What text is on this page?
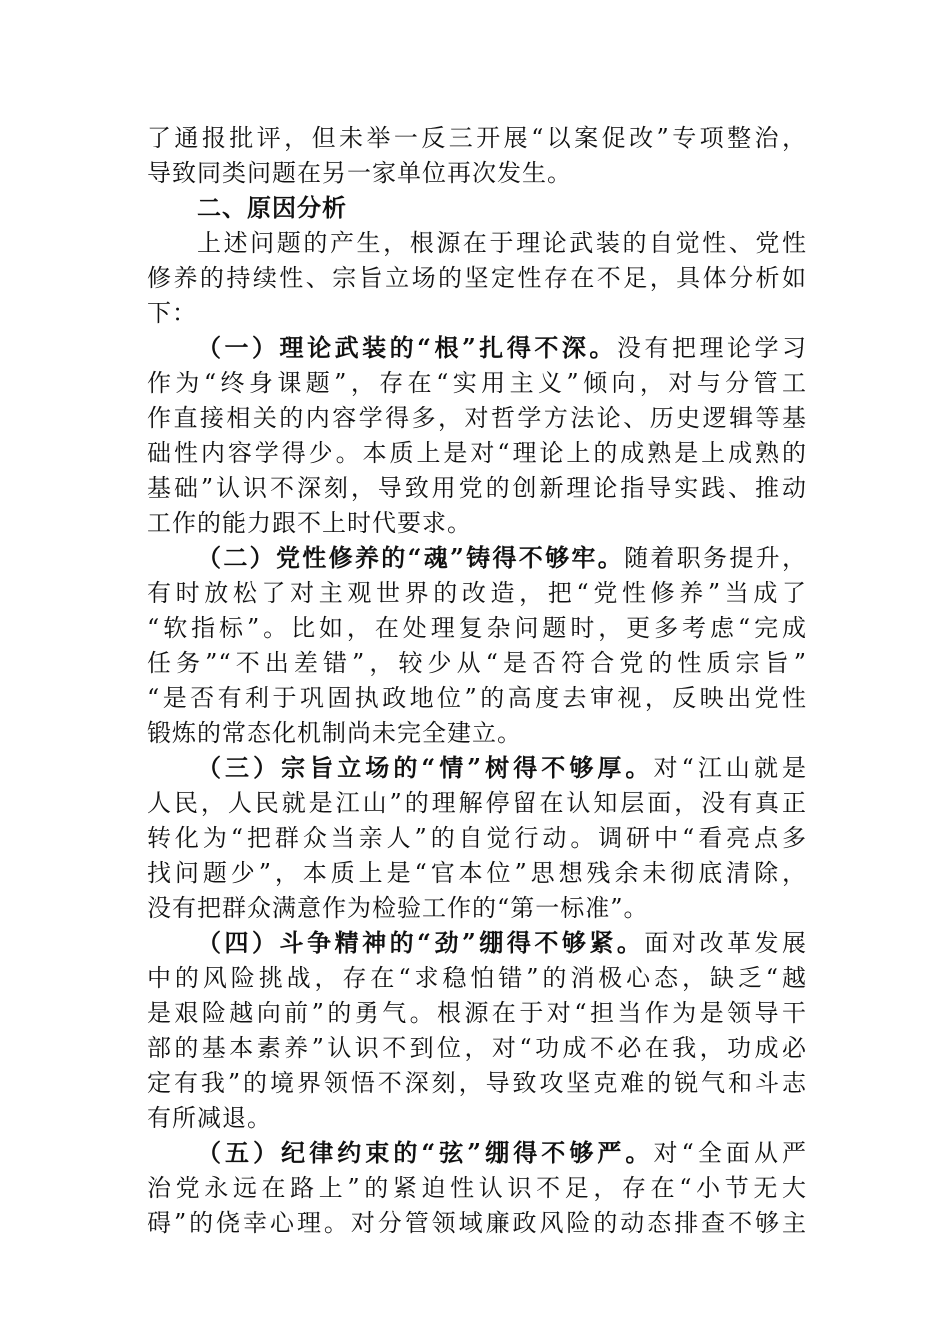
了通报批评，但未举一反三开展“以案促改”专项整治，
导致同类问题在另一家单位再次发生。
二、原因分析
上述问题的产生，根源在于理论武装的自觉性、党性
修养的持续性、宗旨立场的坚定性存在不足，具体分析如
下：
（一）理论武装的“根”扎得不深。没有把理论学习
作为“终身课题”，存在“实用主义”倾向，对与分管工
作直接相关的内容学得多，对哲学方法论、历史逻辑等基
础性内容学得少。本质上是对“理论上的成熟是上成熟的
基础”认识不深刻，导致用党的创新理论指导实践、推动
工作的能力跟不上时代要求。
（二）党性修养的“魂”铸得不够牢。随着职务提升，
有时放松了对主观世界的改造，把“党性修养”当成了
“软指标”。比如，在处理复杂问题时，更多考虑“完成
任务”“不出差错”，较少从“是否符合党的性质宗旨”
“是否有利于巩固执政地位”的高度去审视，反映出党性
锻炼的常态化机制尚未完全建立。
（三）宗旨立场的“情”树得不够厚。对“江山就是
人民，人民就是江山”的理解停留在认知层面，没有真正
转化为“把群众当亲人”的自觉行动。调研中“看亮点多
找问题少”，本质上是“官本位”思想残余未彻底清除，
没有把群众满意作为检验工作的“第一标准”。
（四）斗争精神的“劲”绷得不够紧。面对改革发展
中的风险挑战，存在“求稳怕错”的消极心态，缺乏“越
是艰险越向前”的勇气。根源在于对“担当作为是领导干
部的基本素养”认识不到位，对“功成不必在我，功成必
定有我”的境界领悟不深刻，导致攻坚克难的锐气和斗志
有所减退。
（五）纪律约束的“弦”绷得不够严。对“全面从严
治党永远在路上”的紧迫性认识不足，存在“小节无大
碍”的侥幸心理。对分管领域廉政风险的动态排查不够主
